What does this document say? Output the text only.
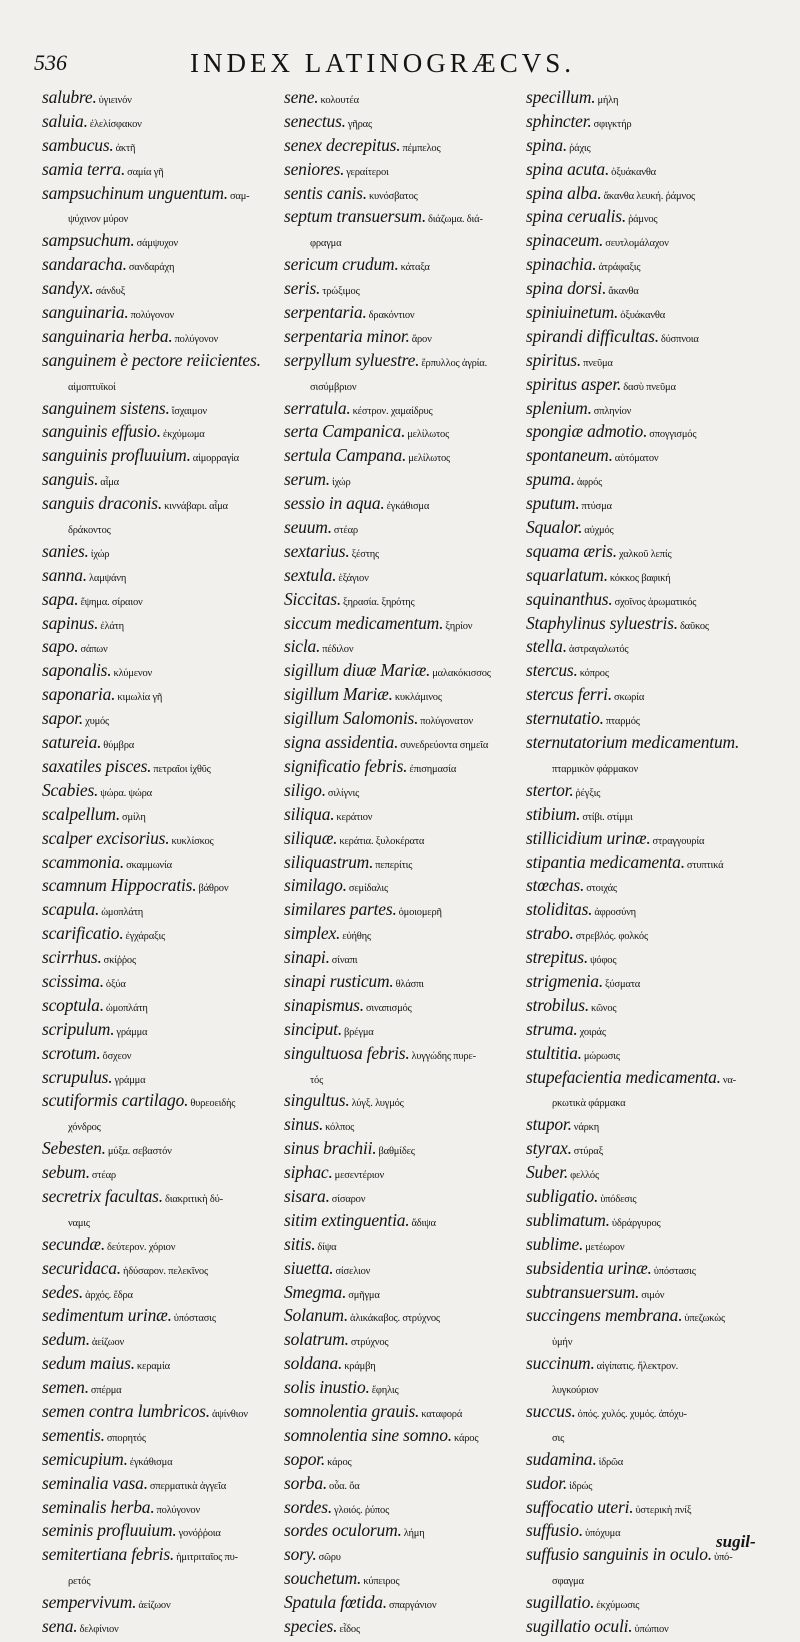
536	INDEX LATINOGRÆCVS.
salubre. ὑγιεινόν
saluia. ἐλελίσφακον
sambucus. ἀκτῆ
samia terra. σαμία γῆ
sampsuchinum unguentum. σαμ-
ψύχινον μύρον
sampsuchum. σάμψυχον
sandaracha. σανδαράχη
sandyx. σάνδυξ
sanguinaria. πολύγονον
sanguinaria herba. πολύγονον
sanguinem è pectore reiicientes.
αἱμοπτυϊκοί
sanguinem sistens. ἴσχαιμον
sanguinis effusio. ἐκχύμωμα
sanguinis profluuium. αἱμορραγία
sanguis. αἷμα
sanguis draconis. κιννάβαρι. αἷμα
δράκοντος
sanies. ἰχώρ
sanna. λαμψάνη
sapa. ἕψημα. σίραιον
sapinus. ἐλάτη
sapo. σάπων
saponalis. κλύμενον
saponaria. κιμωλία γῆ
sapor. χυμός
satureia. θύμβρα
saxatiles pisces. πετραῖοι ἰχθῦς
Scabies. ψώρα. ψώρα
scalpellum. σμίλη
scalper excisorius. κυκλίσκος
scammonia. σκαμμωνία
scamnum Hippocratis. βάθρον
scapula. ὠμοπλάτη
scarificatio. ἐγχάραξις
scirrhus. σκίῤῥος
scissima. ὀξύα
scoptula. ὠμοπλάτη
scripulum. γράμμα
scrotum. ὄσχεον
scrupulus. γράμμα
scutiformis cartilago. θυρεοειδὴς
χόνδρος
Sebesten. μύξα. σεβαστόν
sebum. στέαρ
secretrix facultas. διακριτικὴ δύ-
ναμις
secundæ. δεύτερον. χόριον
securidaca. ἡδύσαρον. πελεκῖνος
sedes. ἀρχός. ἕδρα
sedimentum urinæ. ὑπόστασις
sedum. ἀείζωον
sedum maius. κεραμία
semen. σπέρμα
semen contra lumbricos. ἀψίνθιον
sementis. σπορητός
semicupium. ἐγκάθισμα
seminalia vasa. σπερματικὰ ἀγγεῖα
seminalis herba. πολύγονον
seminis profluuium. γονόῤῥοια
semitertiana febris. ἡμιτριταῖος πυ-
ρετός
sempervivum. ἀείζωον
sena. δελφίνιον
sene. κολουτέα
senectus. γῆρας
senex decrepitus. πέμπελος
seniores. γεραίτεροι
sentis canis. κυνόσβατος
septum transuersum. διάζωμα. διά-
φραγμα
sericum crudum. κάταξα
seris. τρώξιμος
serpentaria. δρακόντιον
serpentaria minor. ἄρον
serpyllum syluestre. ἕρπυλλος ἀγρία.
σισύμβριον
serratula. κέστρον. χαμαίδρυς
serta Campanica. μελίλωτος
sertula Campana. μελίλωτος
serum. ἰχώρ
sessio in aqua. ἐγκάθισμα
seuum. στέαρ
sextarius. ξέστης
sextula. ἑξάγιον
Siccitas. ξηρασία. ξηρότης
siccum medicamentum. ξηρίον
sicla. πέδιλον
sigillum diuæ Mariæ. μαλακόκισσος
sigillum Mariæ. κυκλάμινος
sigillum Salomonis. πολύγονατον
signa assidentia. συνεδρεύοντα σημεῖα
significatio febris. ἐπισημασία
siligo. σιλίγνις
siliqua. κεράτιον
siliquæ. κεράτια. ξυλοκέρατα
siliquastrum. πεπερίτις
similago. σεμίδαλις
similares partes. ὁμοιομερῆ
simplex. εὐήθης
sinapi. σίναπι
sinapi rusticum. θλάσπι
sinapismus. σιναπισμός
sinciput. βρέγμα
singultuosa febris. λυγγώδης πυρε-
τός
singultus. λύγξ. λυγμός
sinus. κόλπος
sinus brachii. βαθμίδες
siphac. μεσεντέριον
sisara. σίσαρον
sitim extinguentia. ἄδιψα
sitis. δίψα
siuetta. σίσελιον
Smegma. σμῆγμα
Solanum. ἀλικάκαβος. στρύχνος
solatrum. στρύχνος
soldana. κράμβη
solis inustio. ἔφηλις
somnolentia grauis. καταφορά
somnolentia sine somno. κάρος
sopor. κάρος
sorba. οὖα. ὄα
sordes. γλοιός. ῥύπος
sordes oculorum. λήμη
sory. σῶρυ
souchetum. κύπειρος
Spatula fœtida. σπαργάνιον
species. εἶδος
specillum. μήλη
sphincter. σφιγκτήρ
spina. ῥάχις
spina acuta. ὀξυάκανθα
spina alba. ἄκανθα λευκή. ῥάμνος
spina cerualis. ῥάμνος
spinaceum. σευτλομάλαχον
spinachia. ἀτράφαξις
spina dorsi. ἄκανθα
spiniuinetum. ὀξυάκανθα
spirandi difficultas. δύσπνοια
spiritus. πνεῦμα
spiritus asper. δασὺ πνεῦμα
splenium. σπληνίον
spongiæ admotio. σπογγισμός
spontaneum. αὐτόματον
spuma. ἀφρός
sputum. πτύσμα
Squalor. αὐχμός
squama æris. χαλκοῦ λεπίς
squarlatum. κόκκος βαφική
squinanthus. σχοῖνος ἀρωματικός
Staphylinus syluestris. δαῦκος
stella. ἀστραγαλωτός
stercus. κόπρος
stercus ferri. σκωρία
sternutatio. πταρμός
sternutatorium medicamentum.
πταρμικὸν φάρμακον
stertor. ῥέγξις
stibium. στίβι. στίμμι
stillicidium urinæ. στραγγουρία
stipantia medicamenta. στυπτικά
stœchas. στοιχάς
stoliditas. ἀφροσύνη
strabo. στρεβλός. φολκός
strepitus. ψόφος
strigmenia. ξύσματα
strobilus. κῶνος
struma. χοιράς
stultitia. μώρωσις
stupefacientia medicamenta. να-
ρκωτικὰ φάρμακα
stupor. νάρκη
styrax. στύραξ
Suber. φελλός
subligatio. ὑπόδεσις
sublimatum. ὑδράργυρος
sublime. μετέωρον
subsidentia urinæ. ὑπόστασις
subtransuersum. σιμόν
succingens membrana. ὑπεζωκὼς
ὑμήν
succinum. αἰγίπατις. ἤλεκτρον.
λυγκούριον
succus. ὀπός. χυλός. χυμός. ἀπόχυ-
σις
sudamina. ἱδρῶα
sudor. ἱδρώς
suffocatio uteri. ὑστερικὴ πνίξ
suffusio. ὑπόχυμα
suffusio sanguinis in oculo. ὑπό-
σφαγμα
sugillatio. ἐκχύμωσις
sugillatio oculi. ὑπώπιον
sugil-
